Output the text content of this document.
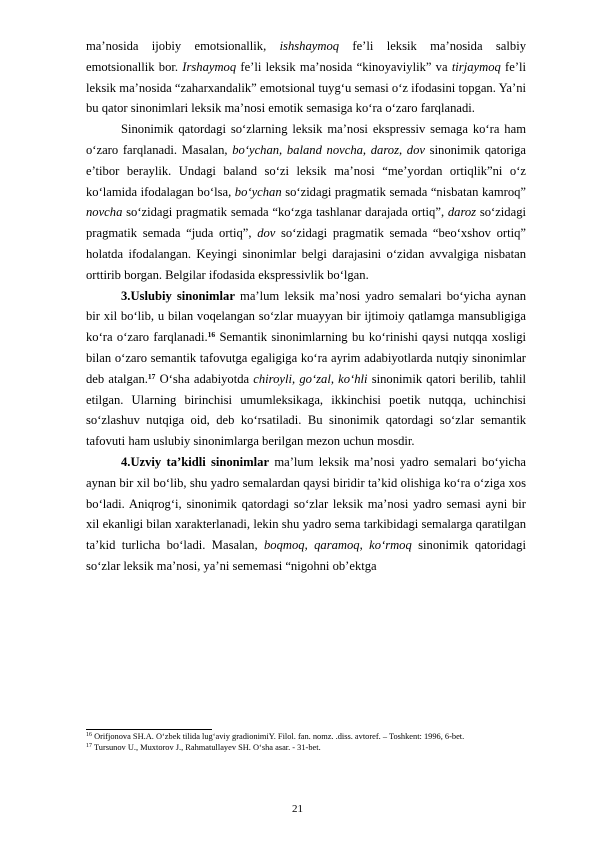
ma’nosida ijobiy emotsionallik, ishshaymoq fe’li leksik ma’nosida salbiy emotsionallik bor. Irshaymoq fe’li leksik ma’nosida “kinoyaviylik” va tirjaymoq fe’li leksik ma’nosida “zaharxandalik” emotsional tuyg‘u semasi o‘z ifodasini topgan. Ya’ni bu qator sinonimlari leksik ma’nosi emotik semasiga ko‘ra o‘zaro farqlanadi.

Sinonimik qatordagi so‘zlarning leksik ma’nosi ekspressiv semaga ko‘ra ham o‘zaro farqlanadi. Masalan, bo‘ychan, baland novcha, daroz, dov sinonimik qatoriga e’tibor beraylik. Undagi baland so‘zi leksik ma’nosi “me’yordan ortiqlik”ni o‘z ko‘lamida ifodalagan bo‘lsa, bo‘ychan so‘zidagi pragmatik semada “nisbatan kamroq” novcha so‘zidagi pragmatik semada “ko‘zga tashlanar darajada ortiq”, daroz so‘zidagi pragmatik semada “juda ortiq”, dov so‘zidagi pragmatik semada “beo‘xshov ortiq” holatda ifodalangan. Keyingi sinonimlar belgi darajasini o‘zidan avvalgiga nisbatan orttirib borgan. Belgilar ifodasida ekspressivlik bo‘lgan.

3.Uslubiy sinonimlar ma’lum leksik ma’nosi yadro semalari bo‘yicha aynan bir xil bo‘lib, u bilan voqelangan so‘zlar muayyan bir ijtimoiy qatlamga mansubligiga ko‘ra o‘zaro farqlanadi.$^{16}$ Semantik sinonimlarning bu ko‘rinishi qaysi nutqqa xosligi bilan o‘zaro semantik tafovutga egaligiga ko‘ra ayrim adabiyotlarda nutqiy sinonimlar deb atalgan.$^{17}$ O‘sha adabiyotda chiroyli, go‘zal, ko‘hli sinonimik qatori berilib, tahlil etilgan. Ularning birinchisi umumleksikaga, ikkinchisi poetik nutqqa, uchinchisi so‘zlashuv nutqiga oid, deb ko‘rsatiladi. Bu sinonimik qatordagi so‘zlar semantik tafovuti ham uslubiy sinonimlarga berilgan mezon uchun mosdir.

4.Uzviy ta’kidli sinonimlar ma’lum leksik ma’nosi yadro semalari bo‘yicha aynan bir xil bo‘lib, shu yadro semalardan qaysi biridir ta’kid olishiga ko‘ra o‘ziga xos bo‘ladi. Aniqrog‘i, sinonimik qatordagi so‘zlar leksik ma’nosi yadro semasi ayni bir xil ekanligi bilan xarakterlanadi, lekin shu yadro sema tarkibidagi semalarga qaratilgan ta’kid turlicha bo‘ladi. Masalan, boqmoq, qaramoq, ko‘rmoq sinonimik qatoridagi so‘zlar leksik ma’nosi, ya’ni sememasi “nigohni ob’ektga

$^{16}$ Orifjonova SH.A. O‘zbek tilida lug‘aviy gradionimiY. Filol. fan. nomz. .diss. avtoref. – Toshkent: 1996, 6-bet.
$^{17}$ Tursunov U., Muxtorov J., Rahmatullayev SH. O‘sha asar. - 31-bet.
21
